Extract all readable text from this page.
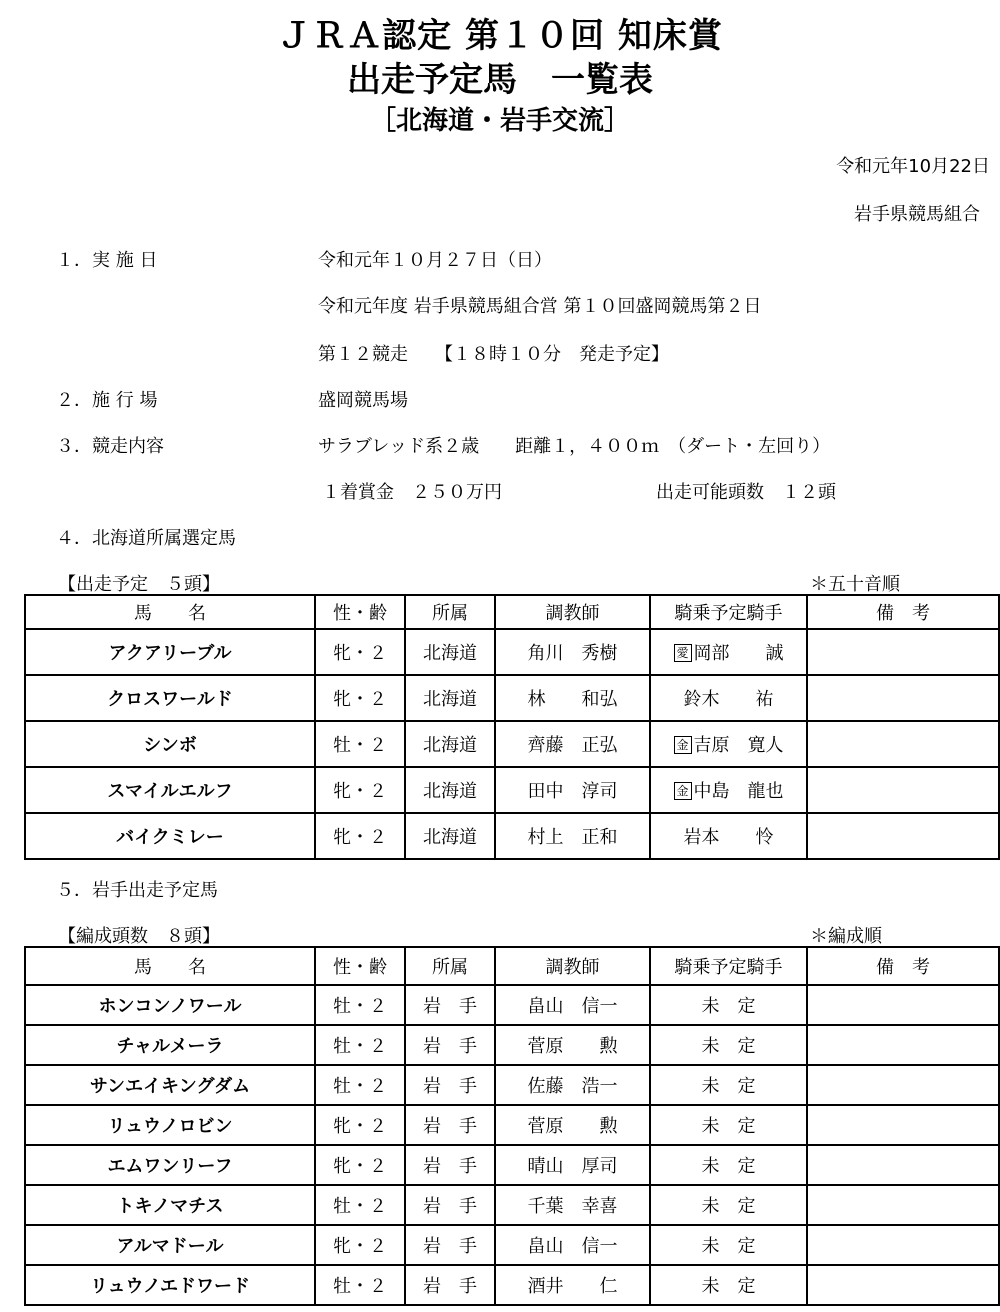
ＪＲＡ認定 第１０回 知床賞
出走予定馬　一覧表
［北海道・岩手交流］
令和元年10月22日
岩手県競馬組合
１．実 施 日	令和元年１０月２７日（日）
令和元年度 岩手県競馬組合営 第１０回盛岡競馬第２日
第１２競走　　【１８時１０分　発走予定】
２．施 行 場	盛岡競馬場
３．競走内容	サラブレッド系２歳　　距離１，４００ｍ　（ダート・左回り）
１着賞金　２５０万円	出走可能頭数　１２頭
４．北海道所属選定馬
【出走予定　５頭】	＊五十音順
馬　　名	性・齢	所属	調教師	騎乗予定騎手	備　考
アクアリーブル	牝・２	北海道	角川　秀樹	愛 岡部　　誠	
クロスワールド	牝・２	北海道	林　　和弘	鈴木　　祐	
シンボ	牡・２	北海道	齊藤　正弘	金 吉原　寛人	
スマイルエルフ	牝・２	北海道	田中　淳司	金 中島　龍也	
バイクミレー	牝・２	北海道	村上　正和	岩本　　怜	
５．岩手出走予定馬
【編成頭数　８頭】	＊編成順
馬　　名	性・齢	所属	調教師	騎乗予定騎手	備　考
ホンコンノワール	牡・２	岩　手	畠山　信一	未　定	
チャルメーラ	牡・２	岩　手	菅原　　勲	未　定	
サンエイキングダム	牡・２	岩　手	佐藤　浩一	未　定	
リュウノロビン	牝・２	岩　手	菅原　　勲	未　定	
エムワンリーフ	牝・２	岩　手	晴山　厚司	未　定	
トキノマチス	牡・２	岩　手	千葉　幸喜	未　定	
アルマドール	牝・２	岩　手	畠山　信一	未　定	
リュウノエドワード	牡・２	岩　手	酒井　　仁	未　定	
